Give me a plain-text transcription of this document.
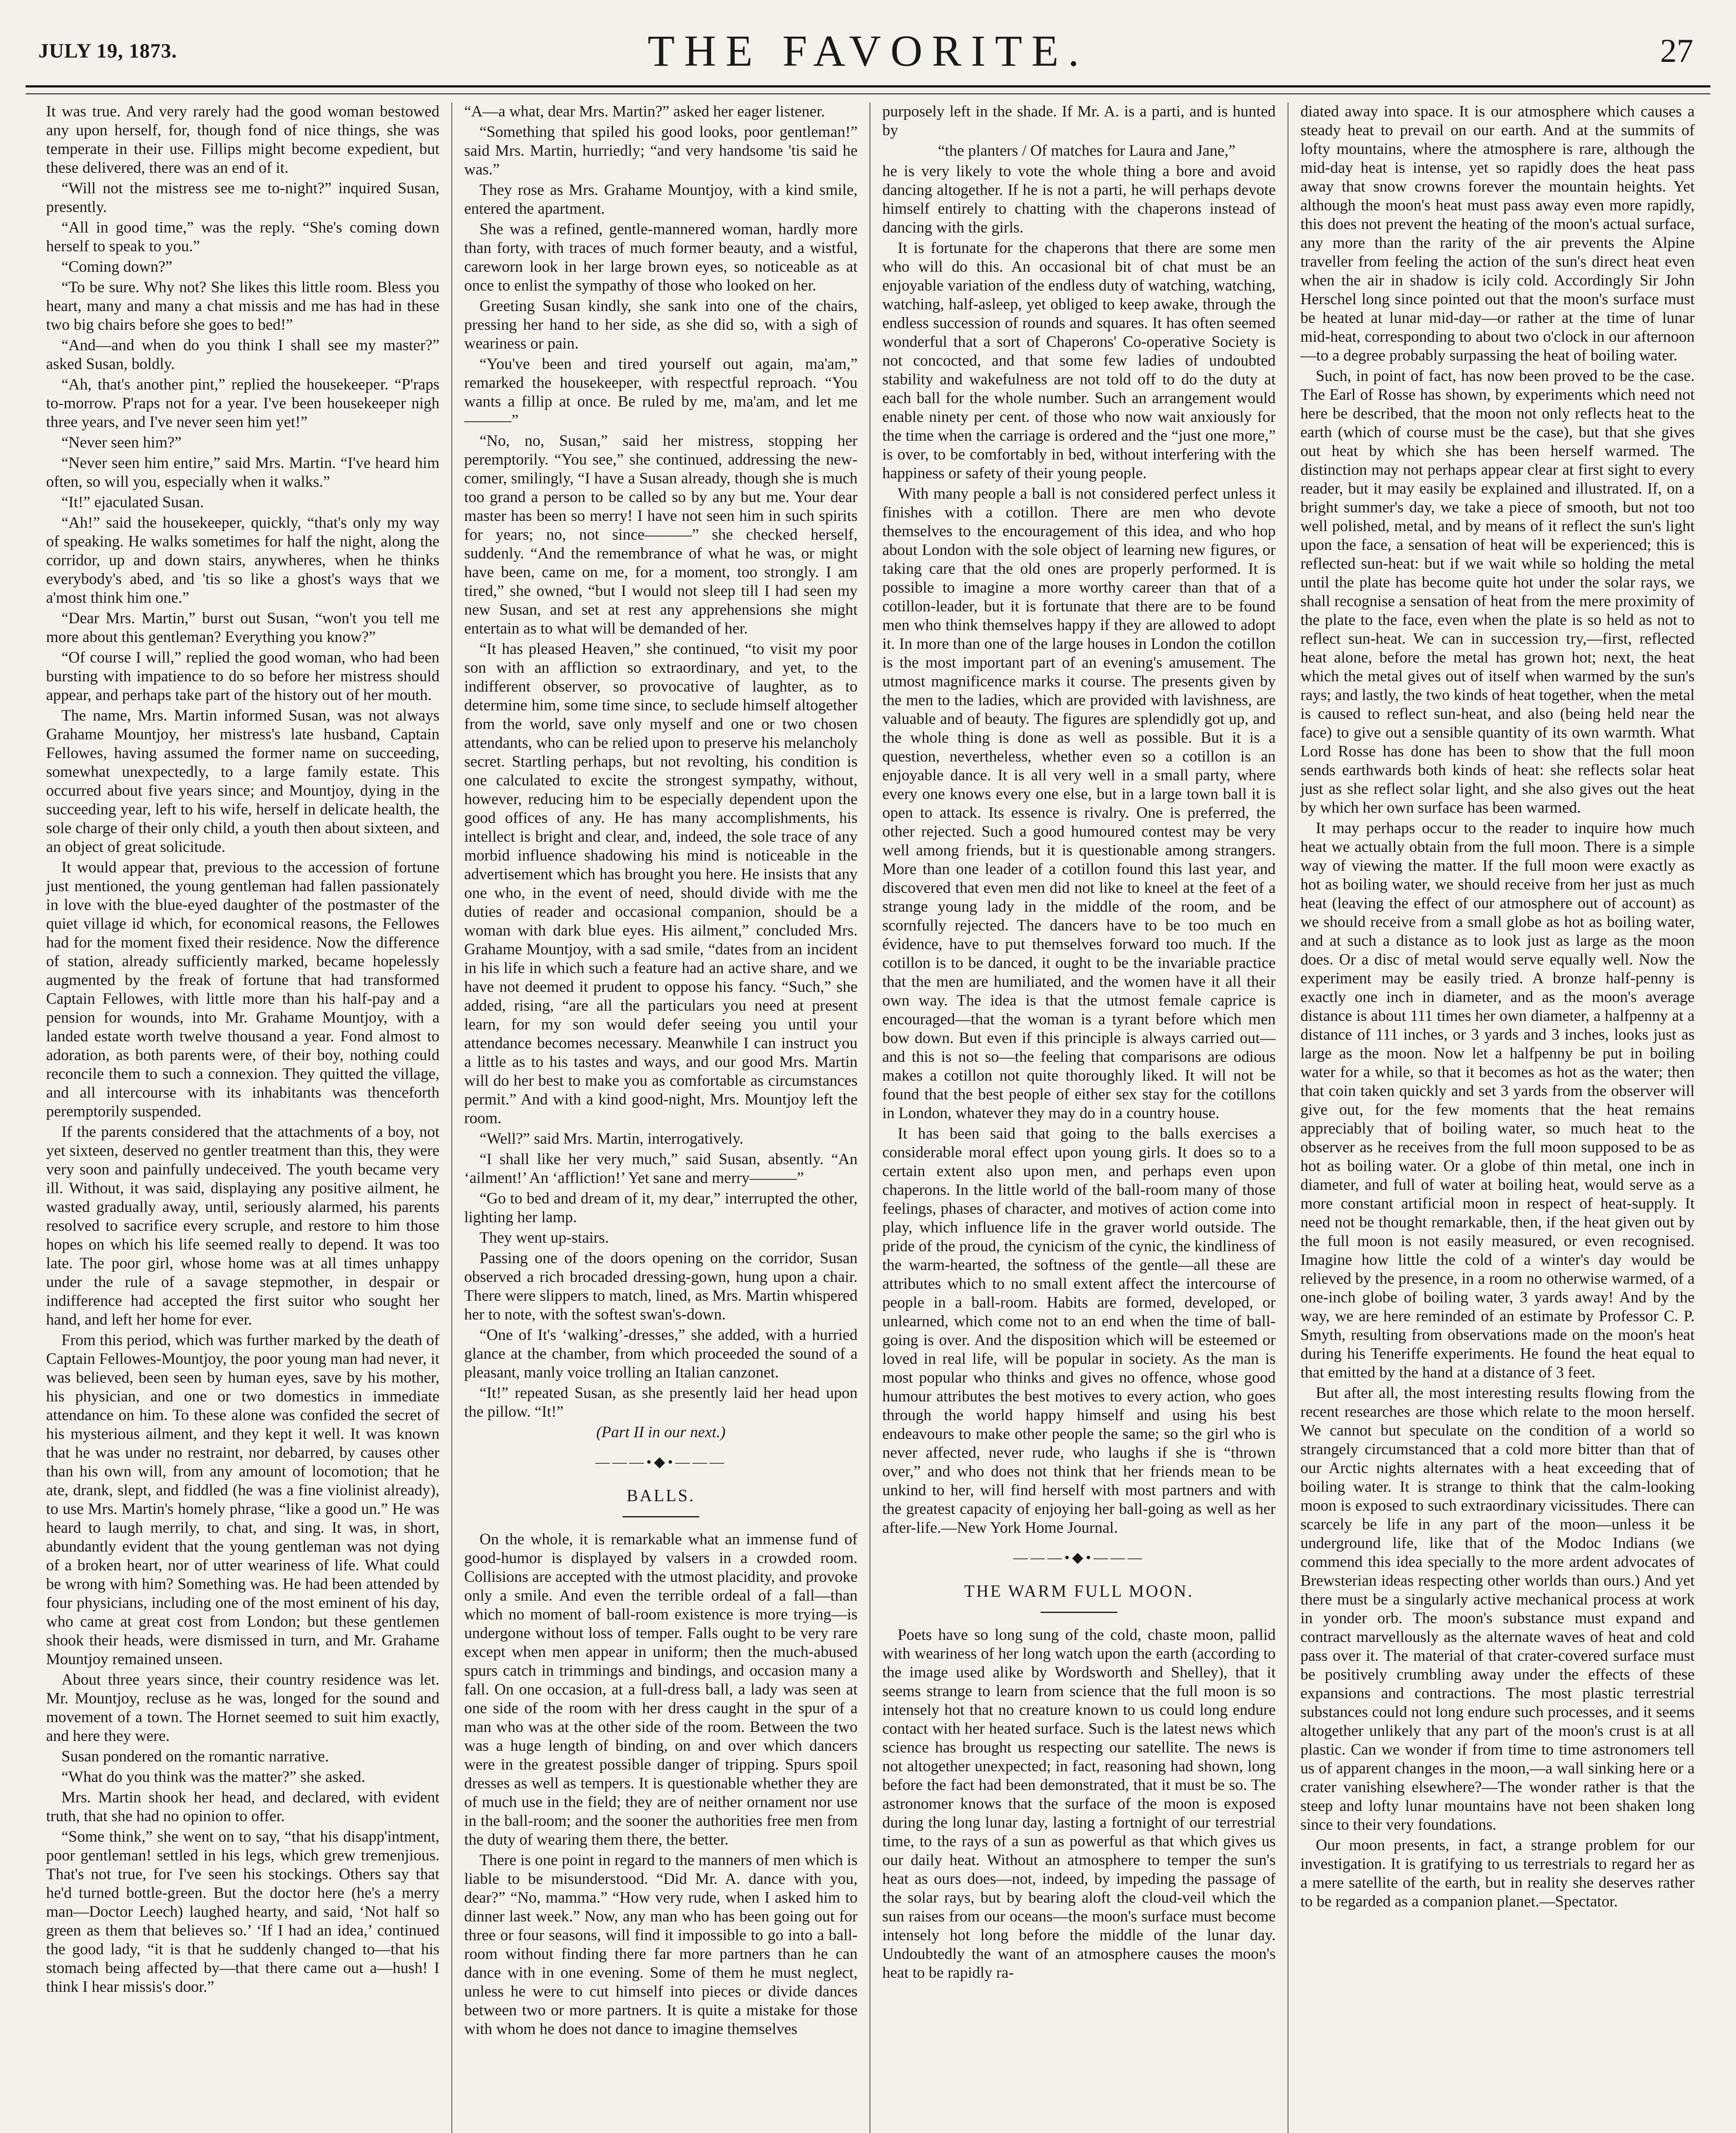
JULY 19, 1873.	THE FAVORITE.	27

It was true. And very rarely had the good woman bestowed any upon herself, for, though fond of nice things, she was temperate in their use. Fillips might become expedient, but these delivered, there was an end of it.

“Will not the mistress see me to-night?” inquired Susan, presently.

“All in good time,” was the reply. “She's coming down herself to speak to you.”

“Coming down?”

“To be sure. Why not? She likes this little room. Bless you heart, many and many a chat missis and me has had in these two big chairs before she goes to bed!”

“And—and when do you think I shall see my master?” asked Susan, boldly.

“Ah, that's another pint,” replied the housekeeper. “P'raps to-morrow. P'raps not for a year. I've been housekeeper nigh three years, and I've never seen him yet!”

“Never seen him?”

“Never seen him entire,” said Mrs. Martin. “I've heard him often, so will you, especially when it walks.”

“It!” ejaculated Susan.

“Ah!” said the housekeeper, quickly, “that's only my way of speaking. He walks sometimes for half the night, along the corridor, up and down stairs, anywheres, when he thinks everybody's abed, and 'tis so like a ghost's ways that we a'most think him one.”

“Dear Mrs. Martin,” burst out Susan, “won't you tell me more about this gentleman? Everything you know?”

“Of course I will,” replied the good woman, who had been bursting with impatience to do so before her mistress should appear, and perhaps take part of the history out of her mouth.

The name, Mrs. Martin informed Susan, was not always Grahame Mountjoy, her mistress's late husband, Captain Fellowes, having assumed the former name on succeeding, somewhat unexpectedly, to a large family estate. This occurred about five years since; and Mountjoy, dying in the succeeding year, left to his wife, herself in delicate health, the sole charge of their only child, a youth then about sixteen, and an object of great solicitude.

It would appear that, previous to the accession of fortune just mentioned, the young gentleman had fallen passionately in love with the blue-eyed daughter of the postmaster of the quiet village id which, for economical reasons, the Fellowes had for the moment fixed their residence. Now the difference of station, already sufficiently marked, became hopelessly augmented by the freak of fortune that had transformed Captain Fellowes, with little more than his half-pay and a pension for wounds, into Mr. Grahame Mountjoy, with a landed estate worth twelve thousand a year. Fond almost to adoration, as both parents were, of their boy, nothing could reconcile them to such a connexion. They quitted the village, and all intercourse with its inhabitants was thenceforth peremptorily suspended.

If the parents considered that the attachments of a boy, not yet sixteen, deserved no gentler treatment than this, they were very soon and painfully undeceived. The youth became very ill. Without, it was said, displaying any positive ailment, he wasted gradually away, until, seriously alarmed, his parents resolved to sacrifice every scruple, and restore to him those hopes on which his life seemed really to depend. It was too late. The poor girl, whose home was at all times unhappy under the rule of a savage stepmother, in despair or indifference had accepted the first suitor who sought her hand, and left her home for ever.

From this period, which was further marked by the death of Captain Fellowes-Mountjoy, the poor young man had never, it was believed, been seen by human eyes, save by his mother, his physician, and one or two domestics in immediate attendance on him. To these alone was confided the secret of his mysterious ailment, and they kept it well. It was known that he was under no restraint, nor debarred, by causes other than his own will, from any amount of locomotion; that he ate, drank, slept, and fiddled (he was a fine violinist already), to use Mrs. Martin's homely phrase, “like a good un.” He was heard to laugh merrily, to chat, and sing. It was, in short, abundantly evident that the young gentleman was not dying of a broken heart, nor of utter weariness of life. What could be wrong with him? Something was. He had been attended by four physicians, including one of the most eminent of his day, who came at great cost from London; but these gentlemen shook their heads, were dismissed in turn, and Mr. Grahame Mountjoy remained unseen.

About three years since, their country residence was let. Mr. Mountjoy, recluse as he was, longed for the sound and movement of a town. The Hornet seemed to suit him exactly, and here they were.

Susan pondered on the romantic narrative.

“What do you think was the matter?” she asked.

Mrs. Martin shook her head, and declared, with evident truth, that she had no opinion to offer.

“Some think,” she went on to say, “that his disapp'intment, poor gentleman! settled in his legs, which grew tremenjious. That's not true, for I've seen his stockings. Others say that he'd turned bottle-green. But the doctor here (he's a merry man—Doctor Leech) laughed hearty, and said, ‘Not half so green as them that believes so.’ ‘If I had an idea,’ continued the good lady, “it is that he suddenly changed to—that his stomach being affected by—that there came out a—hush! I think I hear missis's door.”

“A—a what, dear Mrs. Martin?” asked her eager listener.

“Something that spiled his good looks, poor gentleman!” said Mrs. Martin, hurriedly; “and very handsome 'tis said he was.”

They rose as Mrs. Grahame Mountjoy, with a kind smile, entered the apartment.

She was a refined, gentle-mannered woman, hardly more than forty, with traces of much former beauty, and a wistful, careworn look in her large brown eyes, so noticeable as at once to enlist the sympathy of those who looked on her.

Greeting Susan kindly, she sank into one of the chairs, pressing her hand to her side, as she did so, with a sigh of weariness or pain.

“You've been and tired yourself out again, ma'am,” remarked the housekeeper, with respectful reproach. “You wants a fillip at once. Be ruled by me, ma'am, and let me———”

“No, no, Susan,” said her mistress, stopping her peremptorily. “You see,” she continued, addressing the new-comer, smilingly, “I have a Susan already, though she is much too grand a person to be called so by any but me. Your dear master has been so merry! I have not seen him in such spirits for years; no, not since———” she checked herself, suddenly. “And the remembrance of what he was, or might have been, came on me, for a moment, too strongly. I am tired,” she owned, “but I would not sleep till I had seen my new Susan, and set at rest any apprehensions she might entertain as to what will be demanded of her.

“It has pleased Heaven,” she continued, “to visit my poor son with an affliction so extraordinary, and yet, to the indifferent observer, so provocative of laughter, as to determine him, some time since, to seclude himself altogether from the world, save only myself and one or two chosen attendants, who can be relied upon to preserve his melancholy secret. Startling perhaps, but not revolting, his condition is one calculated to excite the strongest sympathy, without, however, reducing him to be especially dependent upon the good offices of any. He has many accomplishments, his intellect is bright and clear, and, indeed, the sole trace of any morbid influence shadowing his mind is noticeable in the advertisement which has brought you here. He insists that any one who, in the event of need, should divide with me the duties of reader and occasional companion, should be a woman with dark blue eyes. His ailment,” concluded Mrs. Grahame Mountjoy, with a sad smile, “dates from an incident in his life in which such a feature had an active share, and we have not deemed it prudent to oppose his fancy. “Such,” she added, rising, “are all the particulars you need at present learn, for my son would defer seeing you until your attendance becomes necessary. Meanwhile I can instruct you a little as to his tastes and ways, and our good Mrs. Martin will do her best to make you as comfortable as circumstances permit.” And with a kind good-night, Mrs. Mountjoy left the room.

“Well?” said Mrs. Martin, interrogatively.

“I shall like her very much,” said Susan, absently. “An ‘ailment!’ An ‘affliction!’ Yet sane and merry———”

“Go to bed and dream of it, my dear,” interrupted the other, lighting her lamp.

They went up-stairs.

Passing one of the doors opening on the corridor, Susan observed a rich brocaded dressing-gown, hung upon a chair. There were slippers to match, lined, as Mrs. Martin whispered her to note, with the softest swan's-down.

“One of It's ‘walking’-dresses,” she added, with a hurried glance at the chamber, from which proceeded the sound of a pleasant, manly voice trolling an Italian canzonet.

“It!” repeated Susan, as she presently laid her head upon the pillow. “It!”

(Part II in our next.)

―――•◆•―――
BALLS.

On the whole, it is remarkable what an immense fund of good-humor is displayed by valsers in a crowded room. Collisions are accepted with the utmost placidity, and provoke only a smile. And even the terrible ordeal of a fall—than which no moment of ball-room existence is more trying—is undergone without loss of temper. Falls ought to be very rare except when men appear in uniform; then the much-abused spurs catch in trimmings and bindings, and occasion many a fall. On one occasion, at a full-dress ball, a lady was seen at one side of the room with her dress caught in the spur of a man who was at the other side of the room. Between the two was a huge length of binding, on and over which dancers were in the greatest possible danger of tripping. Spurs spoil dresses as well as tempers. It is questionable whether they are of much use in the field; they are of neither ornament nor use in the ball-room; and the sooner the authorities free men from the duty of wearing them there, the better.

There is one point in regard to the manners of men which is liable to be misunderstood. “Did Mr. A. dance with you, dear?” “No, mamma.” “How very rude, when I asked him to dinner last week.” Now, any man who has been going out for three or four seasons, will find it impossible to go into a ball-room without finding there far more partners than he can dance with in one evening. Some of them he must neglect, unless he were to cut himself into pieces or divide dances between two or more partners. It is quite a mistake for those with whom he does not dance to imagine themselves

purposely left in the shade. If Mr. A. is a parti, and is hunted by

“the planters / Of matches for Laura and Jane,”

he is very likely to vote the whole thing a bore and avoid dancing altogether. If he is not a parti, he will perhaps devote himself entirely to chatting with the chaperons instead of dancing with the girls.

It is fortunate for the chaperons that there are some men who will do this. An occasional bit of chat must be an enjoyable variation of the endless duty of watching, watching, watching, half-asleep, yet obliged to keep awake, through the endless succession of rounds and squares. It has often seemed wonderful that a sort of Chaperons' Co-operative Society is not concocted, and that some few ladies of undoubted stability and wakefulness are not told off to do the duty at each ball for the whole number. Such an arrangement would enable ninety per cent. of those who now wait anxiously for the time when the carriage is ordered and the “just one more,” is over, to be comfortably in bed, without interfering with the happiness or safety of their young people.

With many people a ball is not considered perfect unless it finishes with a cotillon. There are men who devote themselves to the encouragement of this idea, and who hop about London with the sole object of learning new figures, or taking care that the old ones are properly performed. It is possible to imagine a more worthy career than that of a cotillon-leader, but it is fortunate that there are to be found men who think themselves happy if they are allowed to adopt it. In more than one of the large houses in London the cotillon is the most important part of an evening's amusement. The utmost magnificence marks it course. The presents given by the men to the ladies, which are provided with lavishness, are valuable and of beauty. The figures are splendidly got up, and the whole thing is done as well as possible. But it is a question, nevertheless, whether even so a cotillon is an enjoyable dance. It is all very well in a small party, where every one knows every one else, but in a large town ball it is open to attack. Its essence is rivalry. One is preferred, the other rejected. Such a good humoured contest may be very well among friends, but it is questionable among strangers. More than one leader of a cotillon found this last year, and discovered that even men did not like to kneel at the feet of a strange young lady in the middle of the room, and be scornfully rejected. The dancers have to be too much en évidence, have to put themselves forward too much. If the cotillon is to be danced, it ought to be the invariable practice that the men are humiliated, and the women have it all their own way. The idea is that the utmost female caprice is encouraged—that the woman is a tyrant before which men bow down. But even if this principle is always carried out—and this is not so—the feeling that comparisons are odious makes a cotillon not quite thoroughly liked. It will not be found that the best people of either sex stay for the cotillons in London, whatever they may do in a country house.

It has been said that going to the balls exercises a considerable moral effect upon young girls. It does so to a certain extent also upon men, and perhaps even upon chaperons. In the little world of the ball-room many of those feelings, phases of character, and motives of action come into play, which influence life in the graver world outside. The pride of the proud, the cynicism of the cynic, the kindliness of the warm-hearted, the softness of the gentle—all these are attributes which to no small extent affect the intercourse of people in a ball-room. Habits are formed, developed, or unlearned, which come not to an end when the time of ball-going is over. And the disposition which will be esteemed or loved in real life, will be popular in society. As the man is most popular who thinks and gives no offence, whose good humour attributes the best motives to every action, who goes through the world happy himself and using his best endeavours to make other people the same; so the girl who is never affected, never rude, who laughs if she is “thrown over,” and who does not think that her friends mean to be unkind to her, will find herself with most partners and with the greatest capacity of enjoying her ball-going as well as her after-life.—New York Home Journal.

―――•◆•―――
THE WARM FULL MOON.

Poets have so long sung of the cold, chaste moon, pallid with weariness of her long watch upon the earth (according to the image used alike by Wordsworth and Shelley), that it seems strange to learn from science that the full moon is so intensely hot that no creature known to us could long endure contact with her heated surface. Such is the latest news which science has brought us respecting our satellite. The news is not altogether unexpected; in fact, reasoning had shown, long before the fact had been demonstrated, that it must be so. The astronomer knows that the surface of the moon is exposed during the long lunar day, lasting a fortnight of our terrestrial time, to the rays of a sun as powerful as that which gives us our daily heat. Without an atmosphere to temper the sun's heat as ours does—not, indeed, by impeding the passage of the solar rays, but by bearing aloft the cloud-veil which the sun raises from our oceans—the moon's surface must become intensely hot long before the middle of the lunar day. Undoubtedly the want of an atmosphere causes the moon's heat to be rapidly ra-

diated away into space. It is our atmosphere which causes a steady heat to prevail on our earth. And at the summits of lofty mountains, where the atmosphere is rare, although the mid-day heat is intense, yet so rapidly does the heat pass away that snow crowns forever the mountain heights. Yet although the moon's heat must pass away even more rapidly, this does not prevent the heating of the moon's actual surface, any more than the rarity of the air prevents the Alpine traveller from feeling the action of the sun's direct heat even when the air in shadow is icily cold. Accordingly Sir John Herschel long since pointed out that the moon's surface must be heated at lunar mid-day—or rather at the time of lunar mid-heat, corresponding to about two o'clock in our afternoon—to a degree probably surpassing the heat of boiling water.

Such, in point of fact, has now been proved to be the case. The Earl of Rosse has shown, by experiments which need not here be described, that the moon not only reflects heat to the earth (which of course must be the case), but that she gives out heat by which she has been herself warmed. The distinction may not perhaps appear clear at first sight to every reader, but it may easily be explained and illustrated. If, on a bright summer's day, we take a piece of smooth, but not too well polished, metal, and by means of it reflect the sun's light upon the face, a sensation of heat will be experienced; this is reflected sun-heat: but if we wait while so holding the metal until the plate has become quite hot under the solar rays, we shall recognise a sensation of heat from the mere proximity of the plate to the face, even when the plate is so held as not to reflect sun-heat. We can in succession try,—first, reflected heat alone, before the metal has grown hot; next, the heat which the metal gives out of itself when warmed by the sun's rays; and lastly, the two kinds of heat together, when the metal is caused to reflect sun-heat, and also (being held near the face) to give out a sensible quantity of its own warmth. What Lord Rosse has done has been to show that the full moon sends earthwards both kinds of heat: she reflects solar heat just as she reflect solar light, and she also gives out the heat by which her own surface has been warmed.

It may perhaps occur to the reader to inquire how much heat we actually obtain from the full moon. There is a simple way of viewing the matter. If the full moon were exactly as hot as boiling water, we should receive from her just as much heat (leaving the effect of our atmosphere out of account) as we should receive from a small globe as hot as boiling water, and at such a distance as to look just as large as the moon does. Or a disc of metal would serve equally well. Now the experiment may be easily tried. A bronze half-penny is exactly one inch in diameter, and as the moon's average distance is about 111 times her own diameter, a halfpenny at a distance of 111 inches, or 3 yards and 3 inches, looks just as large as the moon. Now let a halfpenny be put in boiling water for a while, so that it becomes as hot as the water; then that coin taken quickly and set 3 yards from the observer will give out, for the few moments that the heat remains appreciably that of boiling water, so much heat to the observer as he receives from the full moon supposed to be as hot as boiling water. Or a globe of thin metal, one inch in diameter, and full of water at boiling heat, would serve as a more constant artificial moon in respect of heat-supply. It need not be thought remarkable, then, if the heat given out by the full moon is not easily measured, or even recognised. Imagine how little the cold of a winter's day would be relieved by the presence, in a room no otherwise warmed, of a one-inch globe of boiling water, 3 yards away! And by the way, we are here reminded of an estimate by Professor C. P. Smyth, resulting from observations made on the moon's heat during his Teneriffe experiments. He found the heat equal to that emitted by the hand at a distance of 3 feet.

But after all, the most interesting results flowing from the recent researches are those which relate to the moon herself. We cannot but speculate on the condition of a world so strangely circumstanced that a cold more bitter than that of our Arctic nights alternates with a heat exceeding that of boiling water. It is strange to think that the calm-looking moon is exposed to such extraordinary vicissitudes. There can scarcely be life in any part of the moon—unless it be underground life, like that of the Modoc Indians (we commend this idea specially to the more ardent advocates of Brewsterian ideas respecting other worlds than ours.) And yet there must be a singularly active mechanical process at work in yonder orb. The moon's substance must expand and contract marvellously as the alternate waves of heat and cold pass over it. The material of that crater-covered surface must be positively crumbling away under the effects of these expansions and contractions. The most plastic terrestrial substances could not long endure such processes, and it seems altogether unlikely that any part of the moon's crust is at all plastic. Can we wonder if from time to time astronomers tell us of apparent changes in the moon,—a wall sinking here or a crater vanishing elsewhere?—The wonder rather is that the steep and lofty lunar mountains have not been shaken long since to their very foundations.

Our moon presents, in fact, a strange problem for our investigation. It is gratifying to us terrestrials to regard her as a mere satellite of the earth, but in reality she deserves rather to be regarded as a companion planet.—Spectator.
